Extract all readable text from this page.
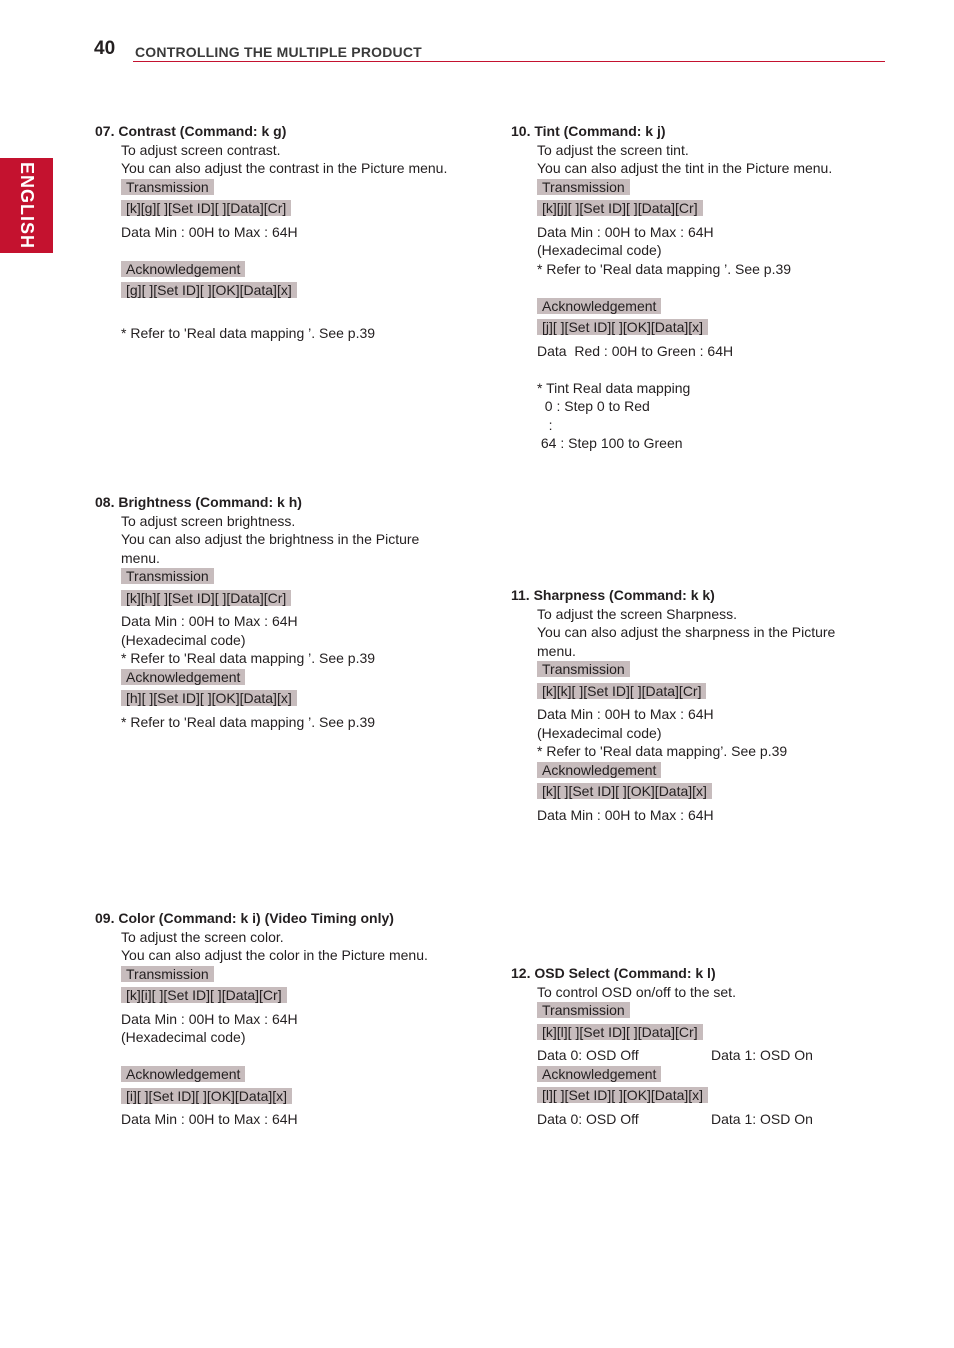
40 CONTROLLING THE MULTIPLE PRODUCT
ENGLISH
07. Contrast (Command: k g)
To adjust screen contrast.
You can also adjust the contrast in the Picture menu.
Transmission
[k][g][ ][Set ID][ ][Data][Cr]
Data Min : 00H to Max : 64H
Acknowledgement
[g][ ][Set ID][ ][OK][Data][x]
* Refer to 'Real data mapping ’. See p.39
08. Brightness (Command: k h)
To adjust screen brightness.
You can also adjust the brightness in the Picture
menu.
Transmission
[k][h][ ][Set ID][ ][Data][Cr]
Data Min : 00H to Max : 64H
(Hexadecimal code)
* Refer to 'Real data mapping ’. See p.39
Acknowledgement
[h][ ][Set ID][ ][OK][Data][x]
* Refer to 'Real data mapping ’. See p.39
09. Color (Command: k i) (Video Timing only)
To adjust the screen color.
You can also adjust the color in the Picture menu.
Transmission
[k][i][ ][Set ID][ ][Data][Cr]
Data Min : 00H to Max : 64H
(Hexadecimal code)
Acknowledgement
[i][ ][Set ID][ ][OK][Data][x]
Data Min : 00H to Max : 64H
10. Tint (Command: k j)
To adjust the screen tint.
You can also adjust the tint in the Picture menu.
Transmission
[k][j][ ][Set ID][ ][Data][Cr]
Data Min : 00H to Max : 64H
(Hexadecimal code)
* Refer to 'Real data mapping ’. See p.39
Acknowledgement
[j][ ][Set ID][ ][OK][Data][x]
Data  Red : 00H to Green : 64H
* Tint Real data mapping
0 : Step 0 to Red
:
64 : Step 100 to Green
11. Sharpness (Command: k k)
To adjust the screen Sharpness.
You can also adjust the sharpness in the Picture
menu.
Transmission
[k][k][ ][Set ID][ ][Data][Cr]
Data Min : 00H to Max : 64H
(Hexadecimal code)
* Refer to 'Real data mapping’. See p.39
Acknowledgement
[k][ ][Set ID][ ][OK][Data][x]
Data Min : 00H to Max : 64H
12. OSD Select (Command: k l)
To control OSD on/off to the set.
Transmission
[k][l][ ][Set ID][ ][Data][Cr]
Data 0: OSD Off	Data 1: OSD On
Acknowledgement
[l][ ][Set ID][ ][OK][Data][x]
Data 0: OSD Off	Data 1: OSD On
